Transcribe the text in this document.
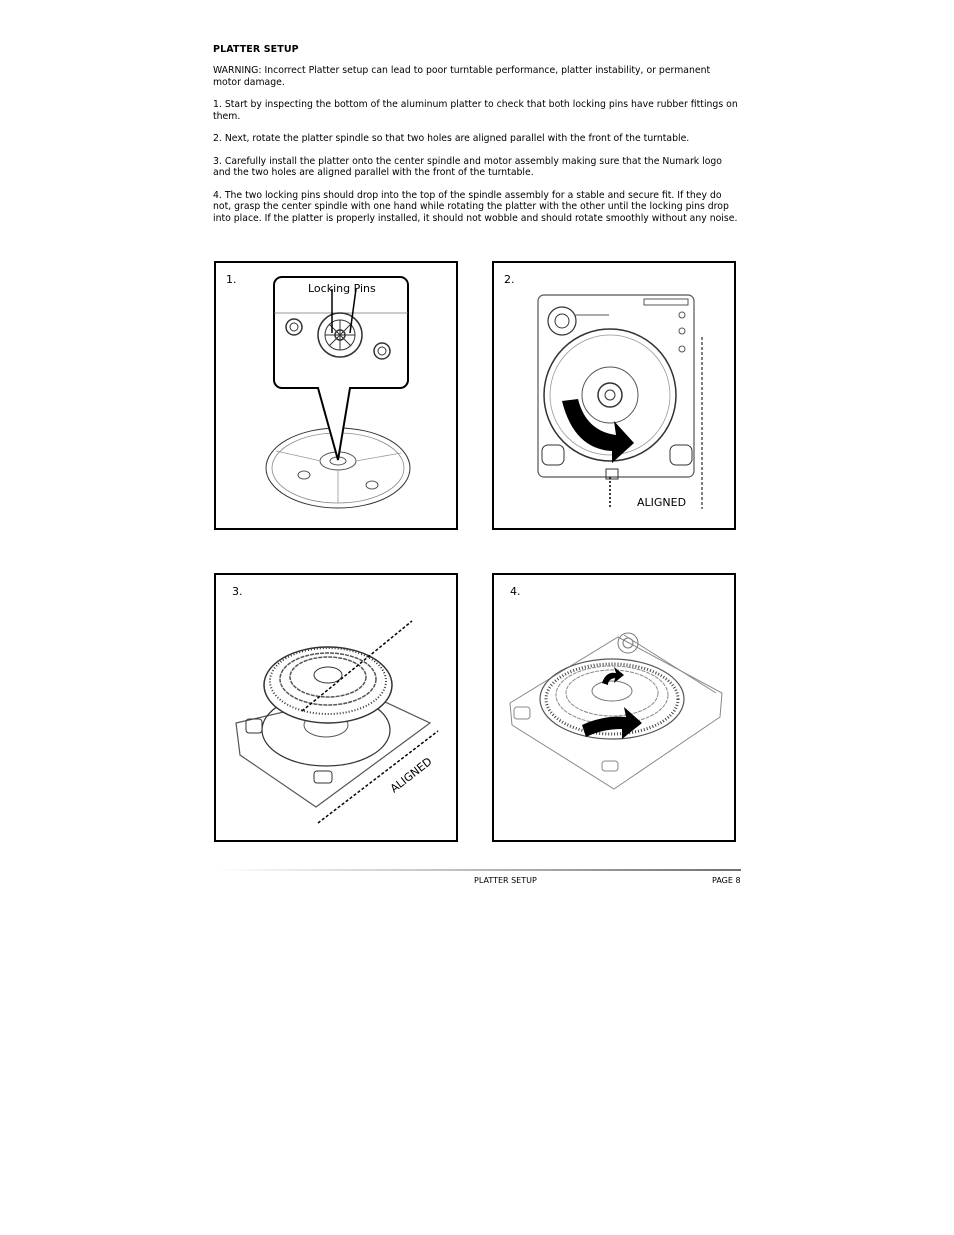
PLATTER SETUP

WARNING: Incorrect Platter setup can lead to poor turntable performance, platter instability, or permanent motor damage.

1. Start by inspecting the bottom of the aluminum platter to check that both locking pins have rubber fittings on them.

2. Next, rotate the platter spindle so that two holes are aligned parallel with the front of the turntable.

3. Carefully install the platter onto the center spindle and motor assembly making sure that the Numark logo and the two holes are aligned parallel with the front of the turntable.

4. The two locking pins should drop into the top of the spindle assembly for a stable and secure fit. If they do not, grasp the center spindle with one hand while rotating the platter with the other until the locking pins drop into place. If the platter is properly installed, it should not wobble and should rotate smoothly without any noise.

Locking Pins
1.
ALIGNED
2.
ALIGNED
3.	4.
PLATTER SETUP	PAGE 8
